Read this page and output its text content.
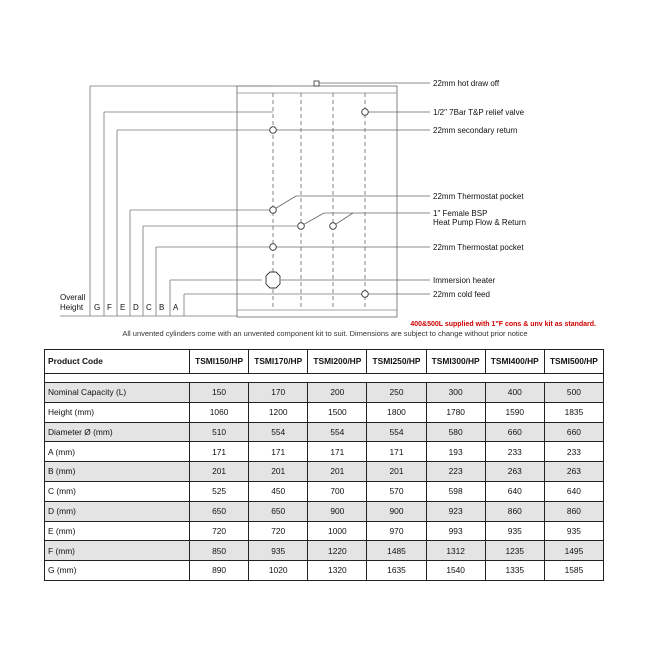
22mm hot draw off
1/2" 7Bar T&P relief valve
22mm secondary return
22mm Thermostat pocket
1" Female BSP
Heat Pump Flow & Return
22mm Thermostat pocket
Immersion heater
22mm cold feed
Overall
Height G F E D C B A
400&500L supplied with 1"F cons & unv kit as standard.
All unvented cylinders come with an unvented component kit to suit. Dimensions are subject to change without prior notice
Product Code	TSMI150/HP	TSMI170/HP	TSMI200/HP	TSMI250/HP	TSMI300/HP	TSMI400/HP	TSMI500/HP

Nominal Capacity (L)	150	170	200	250	300	400	500
Height (mm)	1060	1200	1500	1800	1780	1590	1835
Diameter Ø (mm)	510	554	554	554	580	660	660
A (mm)	171	171	171	171	193	233	233
B (mm)	201	201	201	201	223	263	263
C (mm)	525	450	700	570	598	640	640
D (mm)	650	650	900	900	923	860	860
E (mm)	720	720	1000	970	993	935	935
F (mm)	850	935	1220	1485	1312	1235	1495
G (mm)	890	1020	1320	1635	1540	1335	1585
